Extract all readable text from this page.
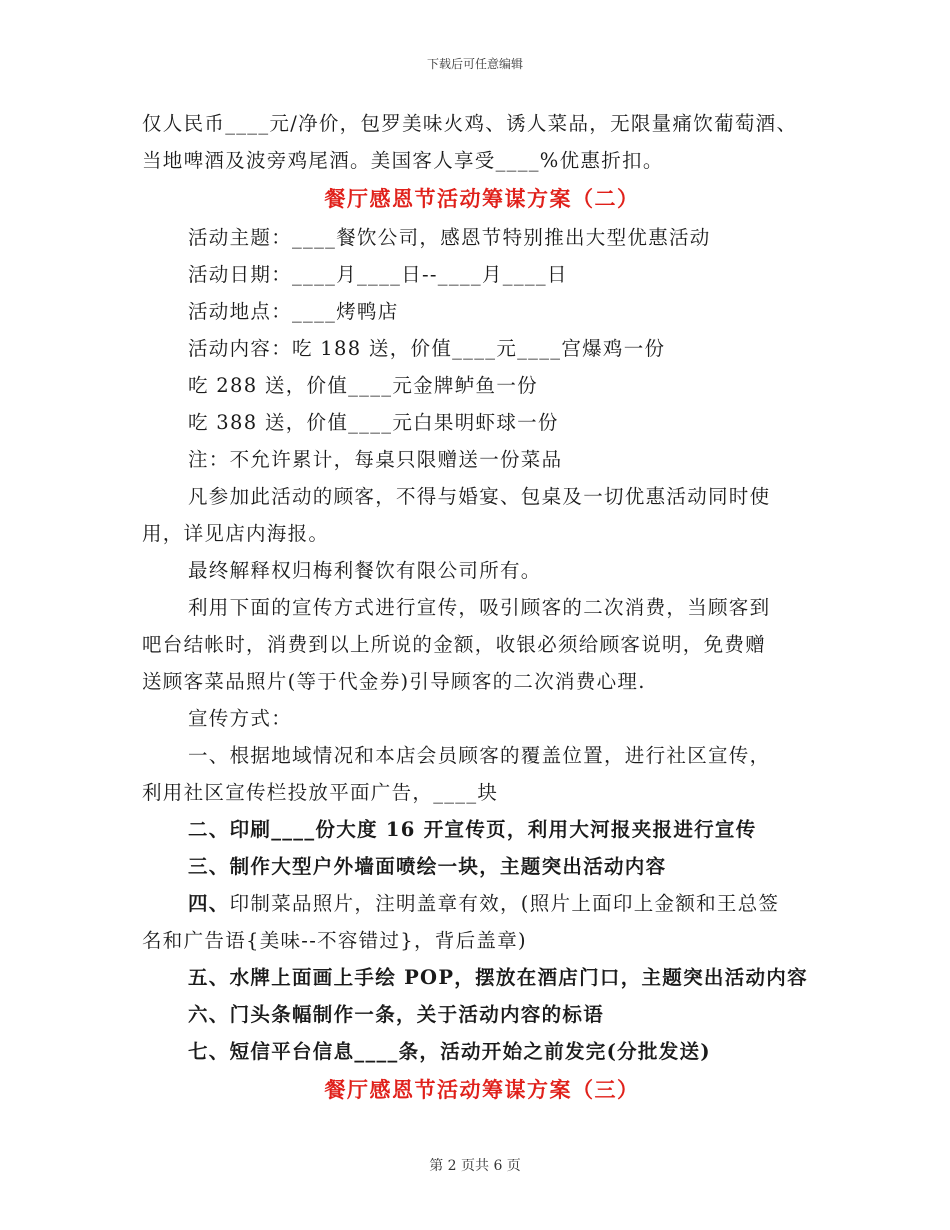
下载后可任意编辑
仅人民币____元/净价，包罗美味火鸡、诱人菜品，无限量痛饮葡萄酒、
当地啤酒及波旁鸡尾酒。美国客人享受____%优惠折扣。
餐厅感恩节活动筹谋方案（二）
活动主题：____餐饮公司，感恩节特别推出大型优惠活动
活动日期：____月____日--____月____日
活动地点：____烤鸭店
活动内容：吃 188 送，价值____元____宫爆鸡一份
吃 288 送，价值____元金牌鲈鱼一份
吃 388 送，价值____元白果明虾球一份
注：不允许累计，每桌只限赠送一份菜品
凡参加此活动的顾客，不得与婚宴、包桌及一切优惠活动同时使
用，详见店内海报。
最终解释权归梅利餐饮有限公司所有。
利用下面的宣传方式进行宣传，吸引顾客的二次消费，当顾客到
吧台结帐时，消费到以上所说的金额，收银必须给顾客说明，免费赠
送顾客菜品照片(等于代金券)引导顾客的二次消费心理.
宣传方式：
一、根据地域情况和本店会员顾客的覆盖位置，进行社区宣传，
利用社区宣传栏投放平面广告，____块
二、印刷____份大度 16 开宣传页，利用大河报夹报进行宣传
三、制作大型户外墙面喷绘一块，主题突出活动内容
四、印制菜品照片，注明盖章有效，(照片上面印上金额和王总签
名和广告语{美味--不容错过}，背后盖章)
五、水牌上面画上手绘 POP，摆放在酒店门口，主题突出活动内容
六、门头条幅制作一条，关于活动内容的标语
七、短信平台信息____条，活动开始之前发完(分批发送)
餐厅感恩节活动筹谋方案（三）
第 2 页共 6 页
